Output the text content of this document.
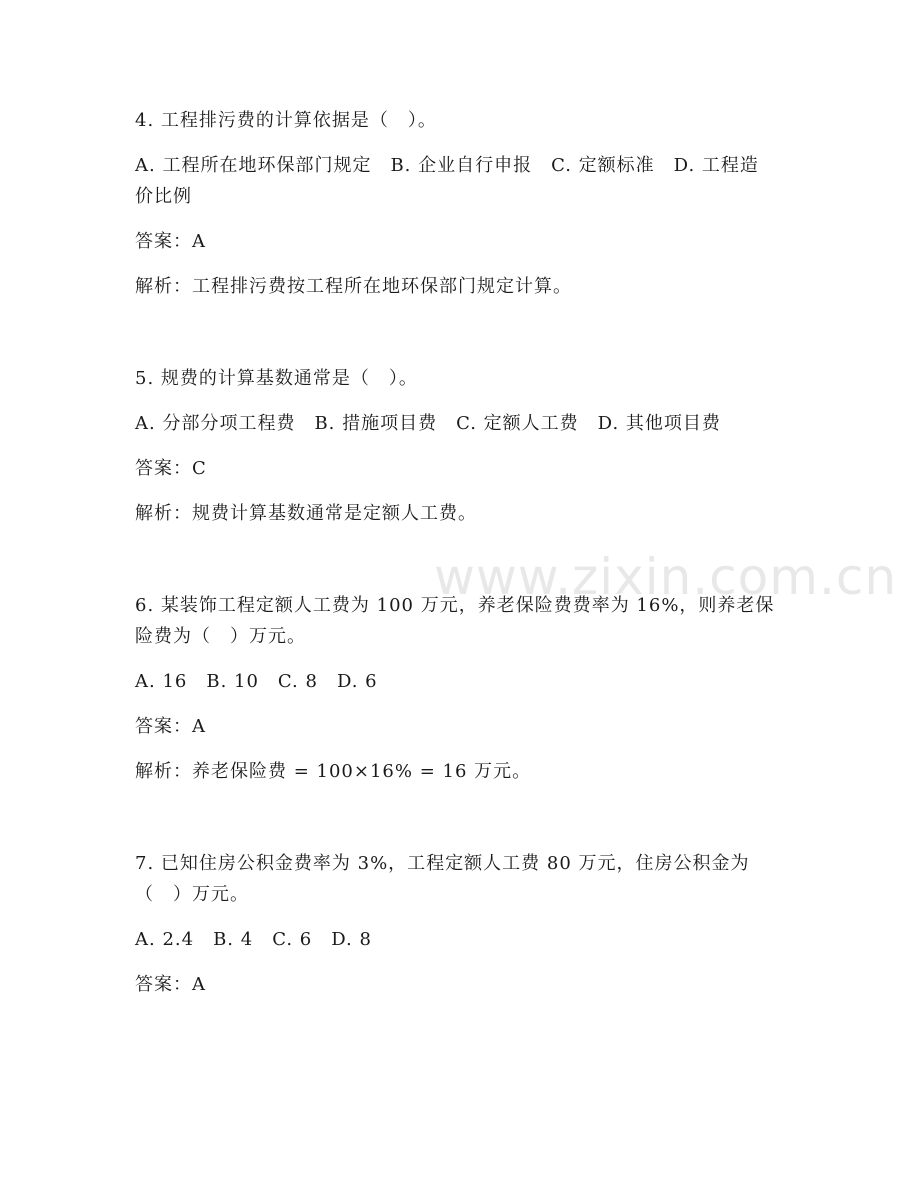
4. 工程排污费的计算依据是（　）。

A. 工程所在地环保部门规定　B. 企业自行申报　C. 定额标准　D. 工程造价比例

答案：A

解析：工程排污费按工程所在地环保部门规定计算。

5. 规费的计算基数通常是（　）。

A. 分部分项工程费　B. 措施项目费　C. 定额人工费　D. 其他项目费

答案：C

解析：规费计算基数通常是定额人工费。

6. 某装饰工程定额人工费为 100 万元，养老保险费费率为 16%，则养老保险费为（　）万元。

A. 16　B. 10　C. 8　D. 6

答案：A

解析：养老保险费 = 100×16% = 16 万元。

7. 已知住房公积金费率为 3%，工程定额人工费 80 万元，住房公积金为（　）万元。

A. 2.4　B. 4　C. 6　D. 8

答案：A

www.zixin.com.cn
